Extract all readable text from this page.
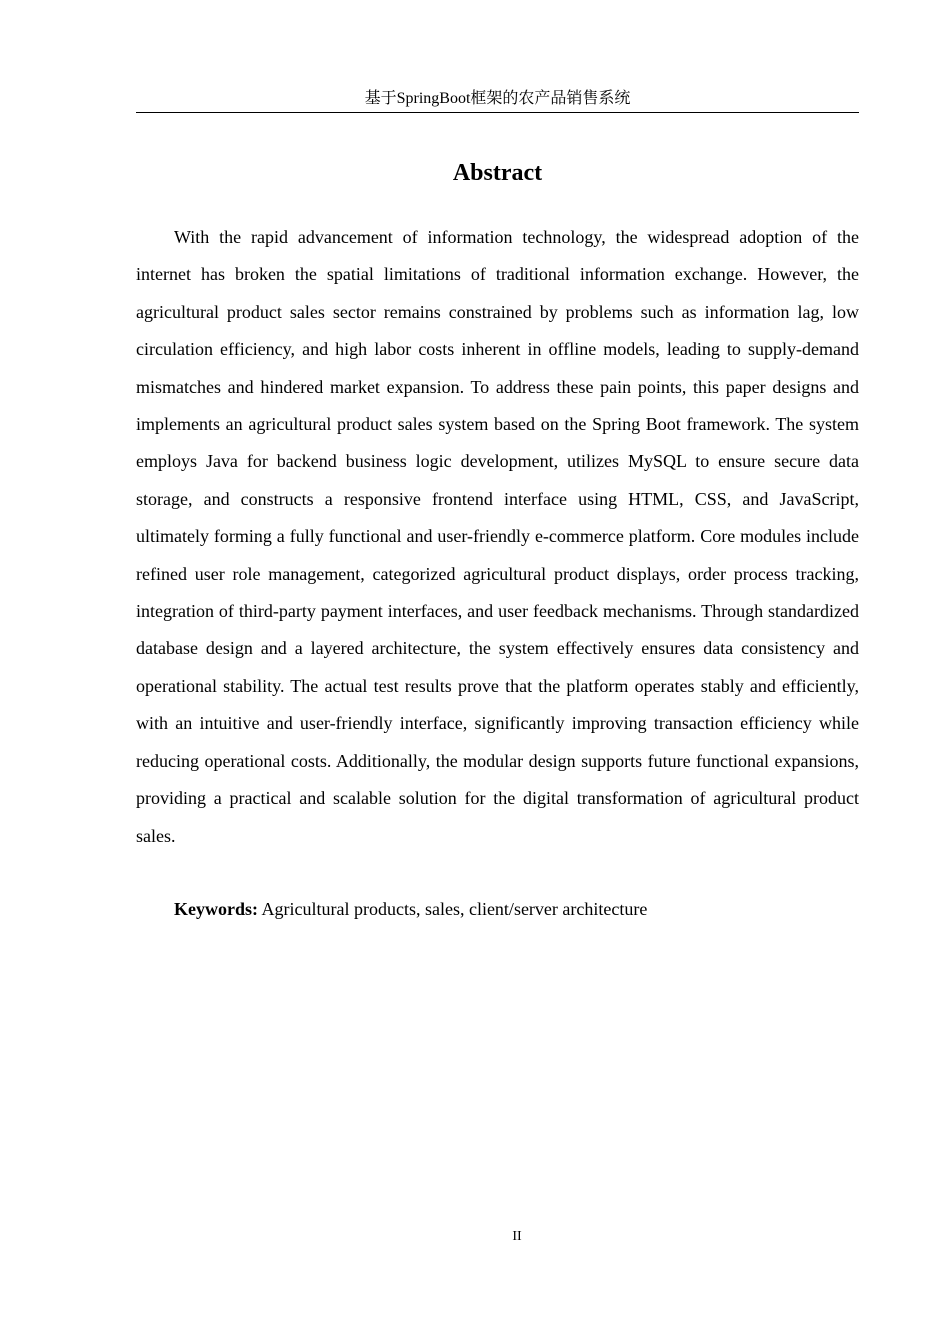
基于SpringBoot框架的农产品销售系统
Abstract

With the rapid advancement of information technology, the widespread adoption of the internet has broken the spatial limitations of traditional information exchange. However, the agricultural product sales sector remains constrained by problems such as information lag, low circulation efficiency, and high labor costs inherent in offline models, leading to supply-demand mismatches and hindered market expansion. To address these pain points, this paper designs and implements an agricultural product sales system based on the Spring Boot framework. The system employs Java for backend business logic development, utilizes MySQL to ensure secure data storage, and constructs a responsive frontend interface using HTML, CSS, and JavaScript, ultimately forming a fully functional and user-friendly e-commerce platform. Core modules include refined user role management, categorized agricultural product displays, order process tracking, integration of third-party payment interfaces, and user feedback mechanisms. Through standardized database design and a layered architecture, the system effectively ensures data consistency and operational stability. The actual test results prove that the platform operates stably and efficiently, with an intuitive and user-friendly interface, significantly improving transaction efficiency while reducing operational costs. Additionally, the modular design supports future functional expansions, providing a practical and scalable solution for the digital transformation of agricultural product sales.

Keywords: Agricultural products, sales, client/server architecture

II
